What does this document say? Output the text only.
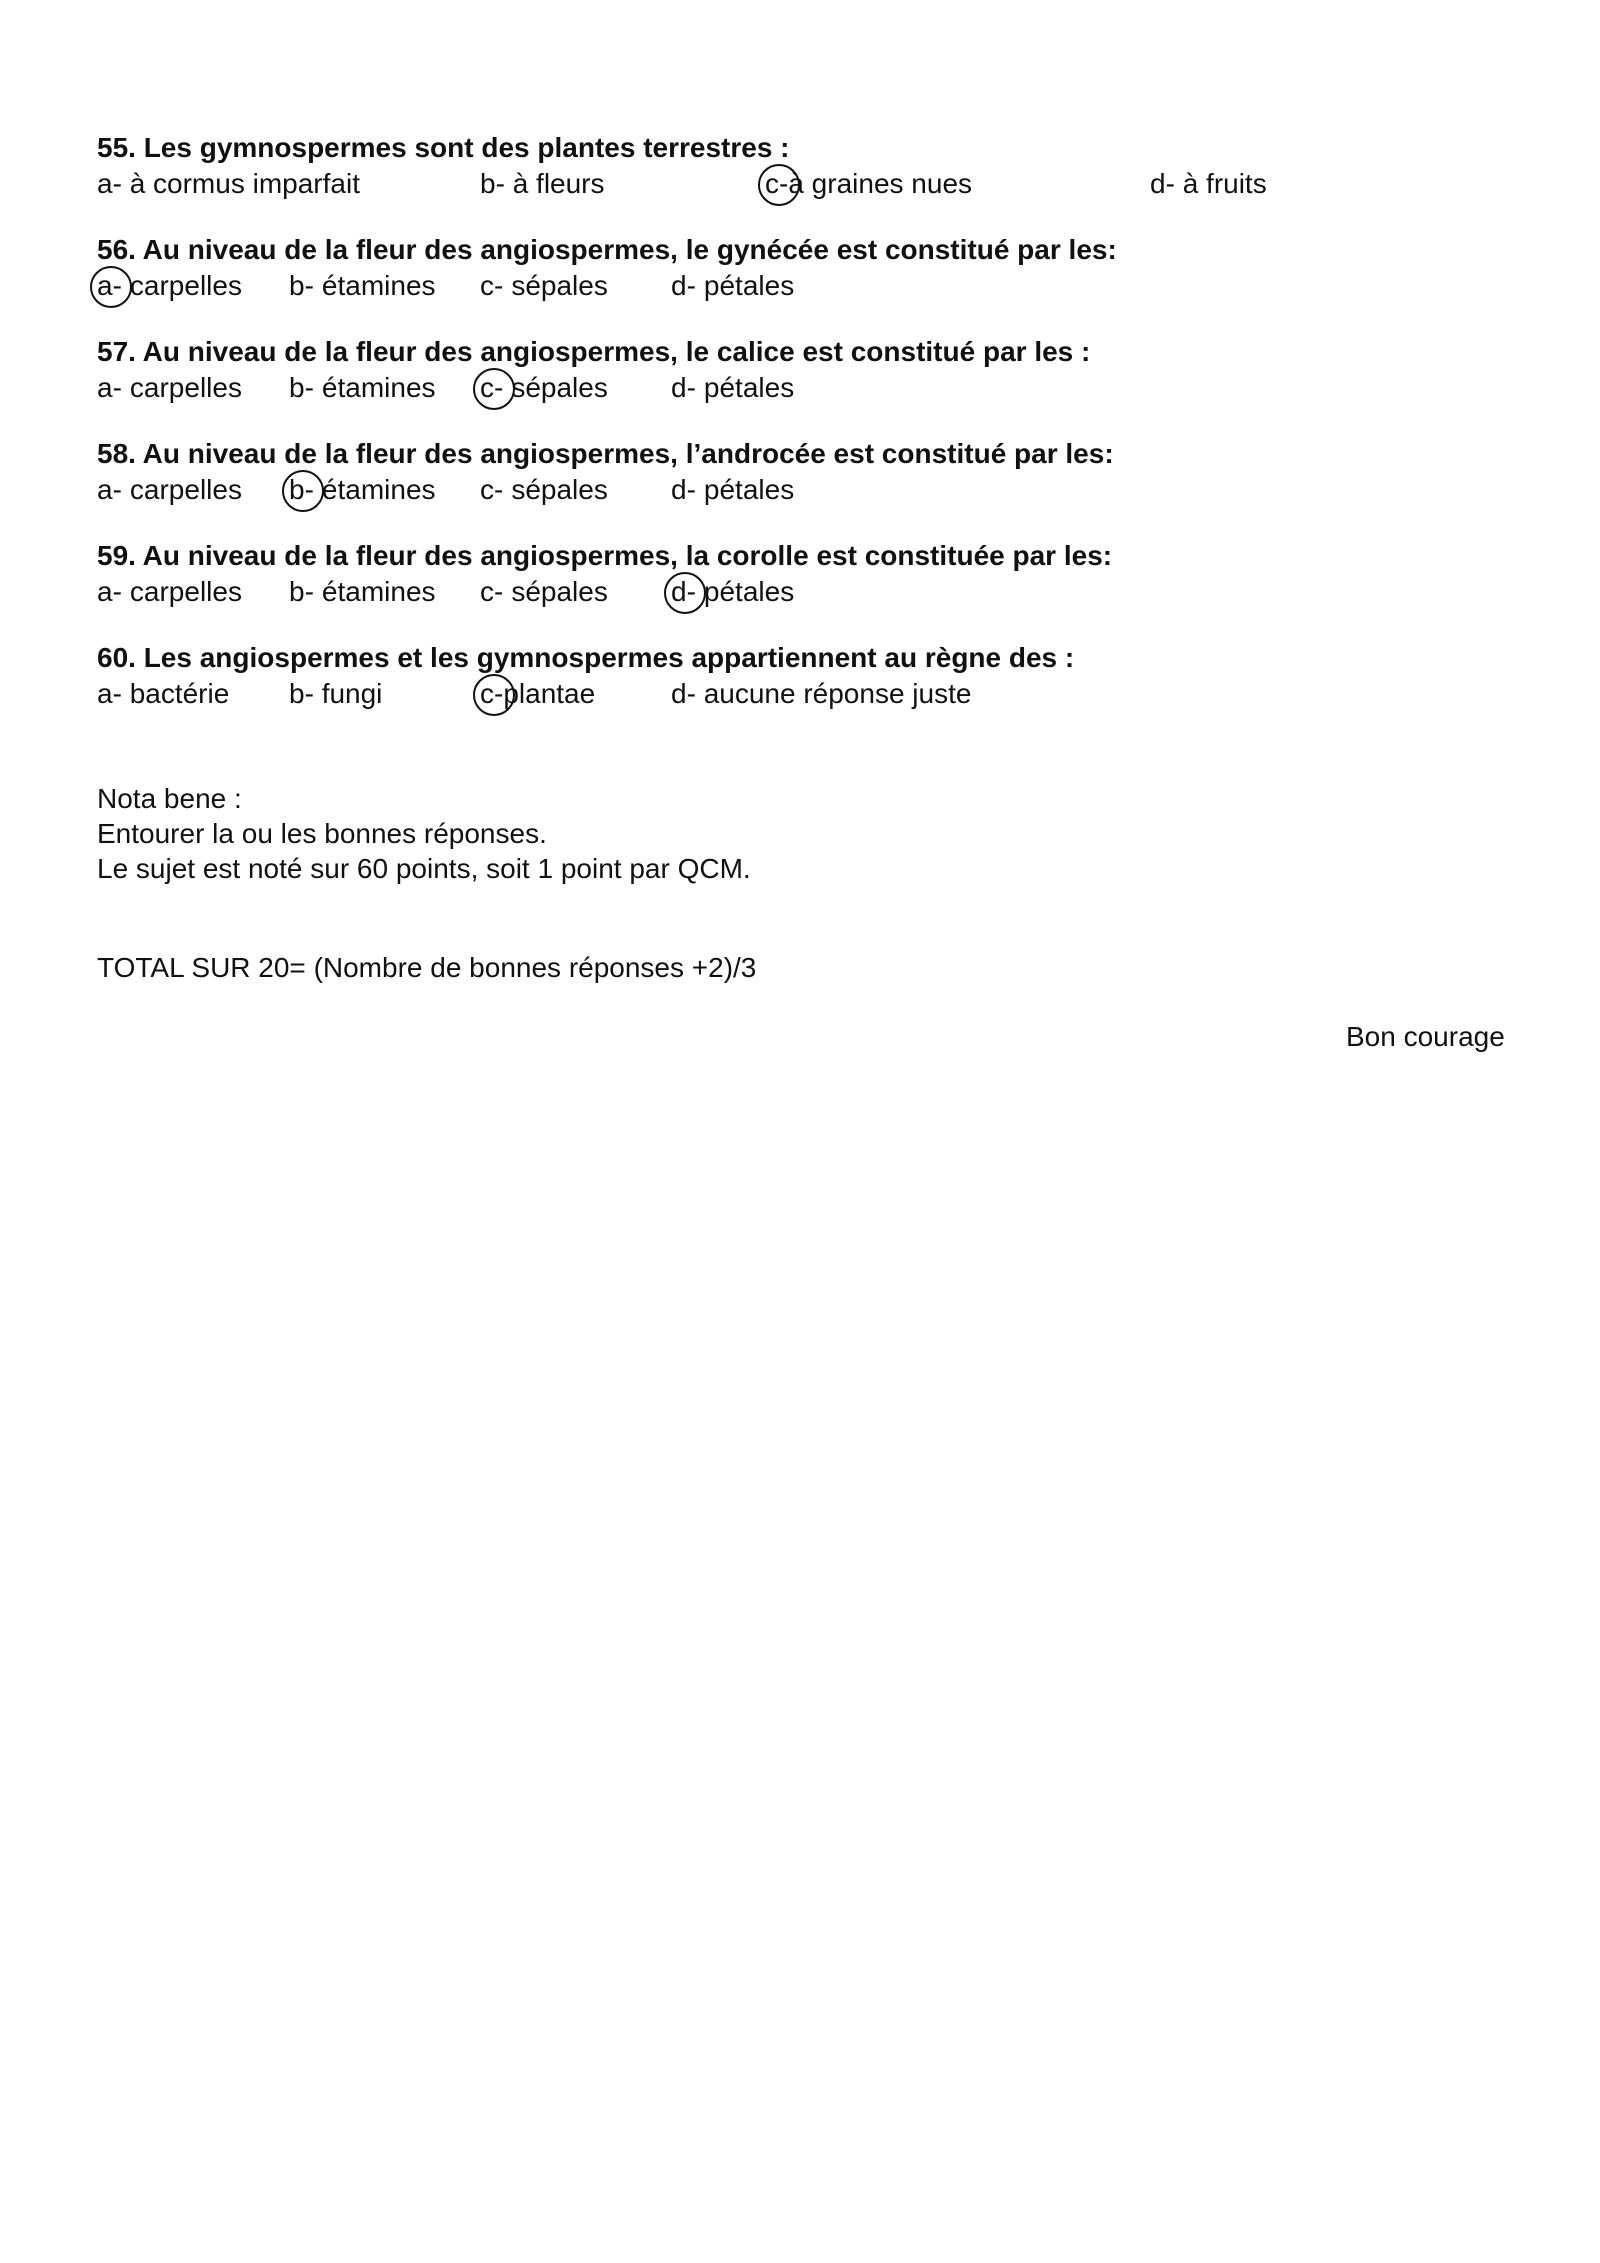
55. Les gymnospermes sont des plantes terrestres :
a- à cormus imparfait	b- à fleurs	c-à graines nues	d- à fruits
56. Au niveau de la fleur des angiospermes, le gynécée est constitué par les:
a- carpelles b- étamines c- sépales d- pétales
57. Au niveau de la fleur des angiospermes, le calice est constitué par les :
a- carpelles b- étamines c- sépales d- pétales
58. Au niveau de la fleur des angiospermes, l’androcée est constitué par les:
a- carpelles b- étamines c- sépales d- pétales
59. Au niveau de la fleur des angiospermes, la corolle est constituée par les:
a- carpelles b- étamines c- sépales d- pétales
60. Les angiospermes et les gymnospermes appartiennent au règne des :
a- bactérie b- fungi	c-plantae	d- aucune réponse juste
Nota bene :
Entourer la ou les bonnes réponses.
Le sujet est noté sur 60 points, soit 1 point par QCM.
TOTAL SUR 20= (Nombre de bonnes réponses +2)/3
Bon courage
